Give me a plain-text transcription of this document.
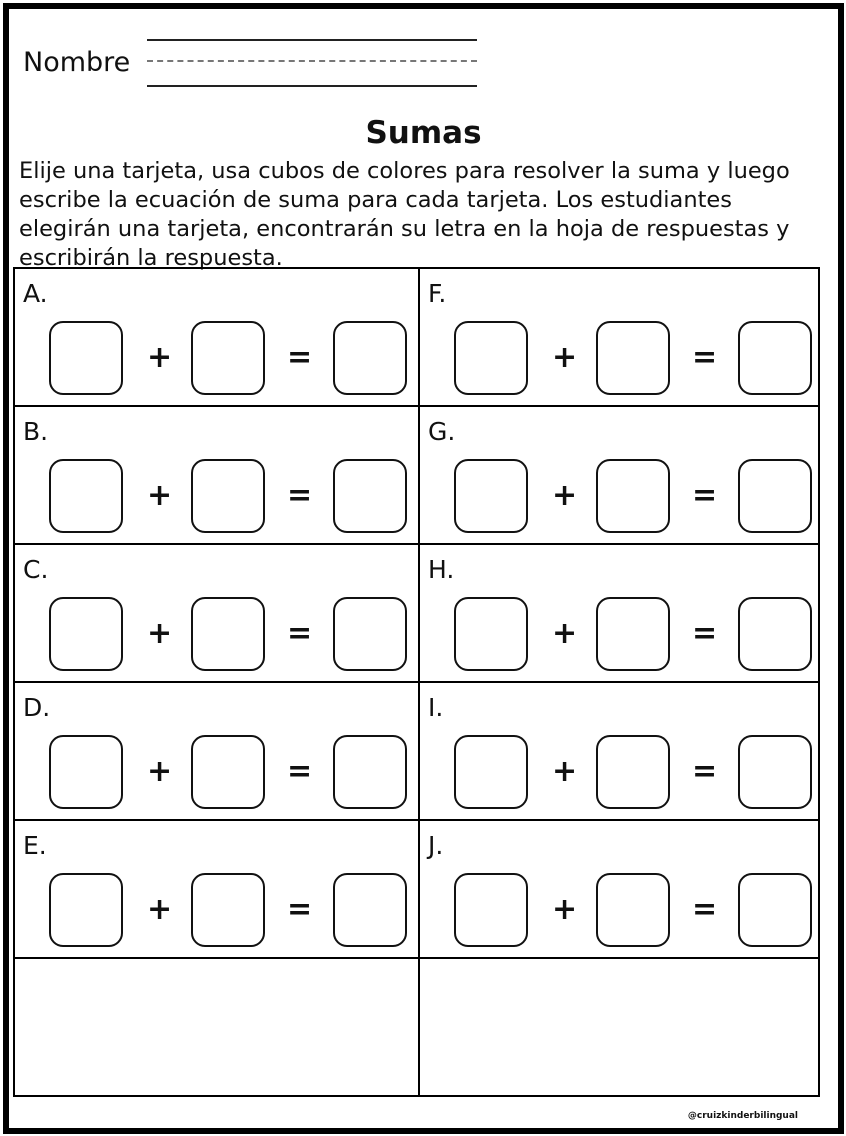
Nombre
Sumas
Elije una tarjeta, usa cubos de colores para resolver la suma y luego escribe la ecuación de suma para cada tarjeta. Los estudiantes elegirán una tarjeta, encontrarán su letra en la hoja de respuestas y escribirán la respuesta.
A.
+	=
F.
+	=
B.
+	=
G.
+	=
C.
+	=
H.
+	=
D.
+	=
I.
+	=
E.
+	=
J.
+	=
@cruizkinderbilingual
